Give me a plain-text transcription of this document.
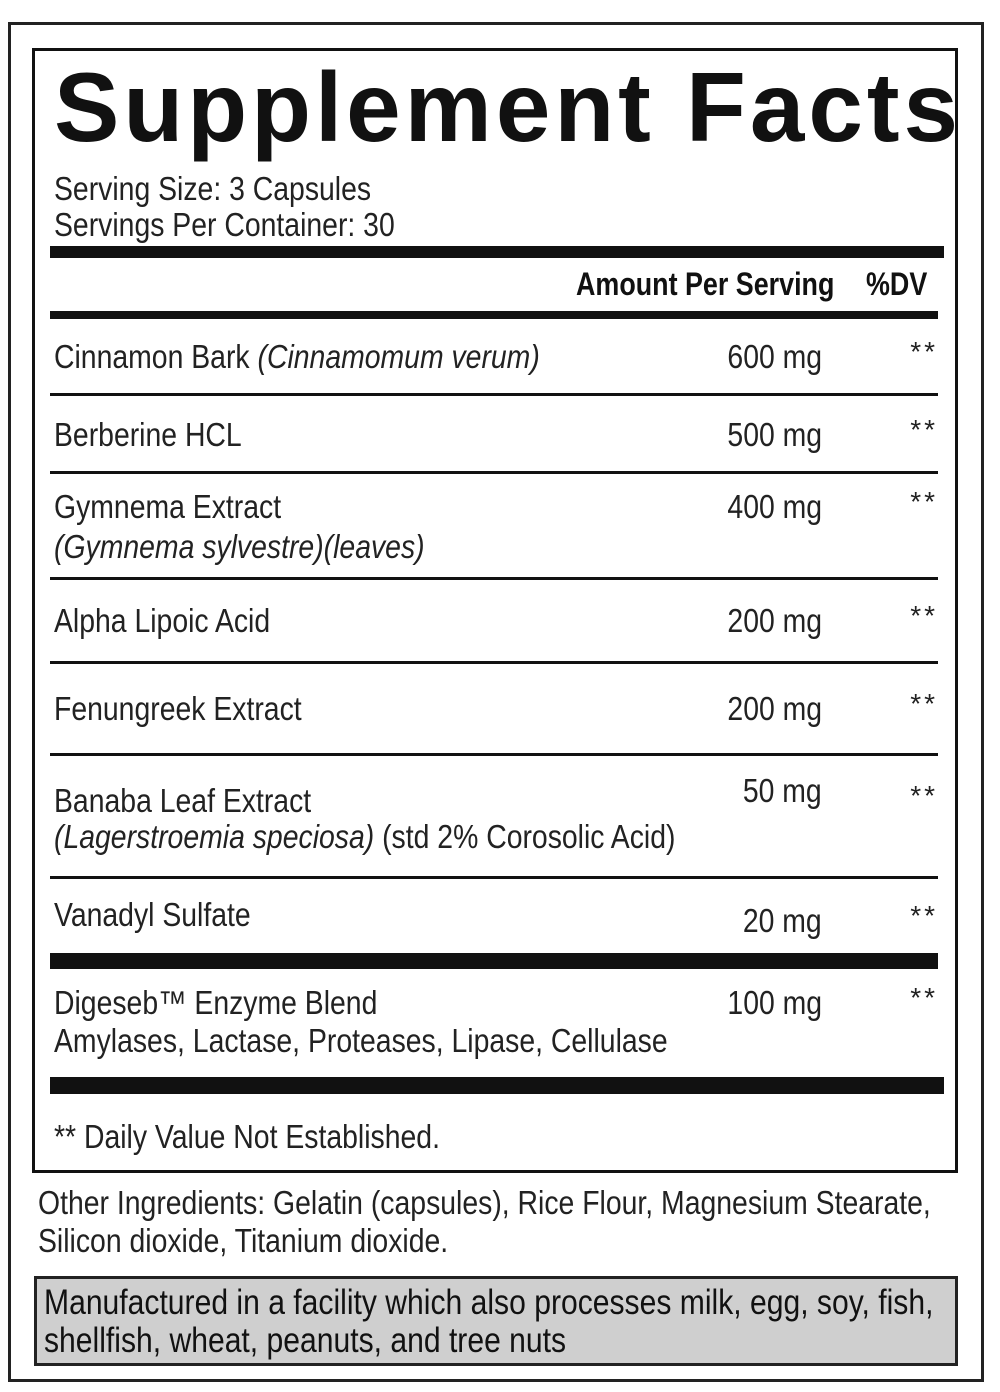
Supplement Facts
Serving Size: 3 Capsules
Servings Per Container: 30
Amount Per Serving %DV
Cinnamon Bark (Cinnamomum verum)	600 mg	**
Berberine HCL	500 mg	**
Gymnema Extract
(Gymnema sylvestre)(leaves)
400 mg	**
Alpha Lipoic Acid	200 mg	**
Fenungreek Extract	200 mg	**
Banaba Leaf Extract
(Lagerstroemia speciosa) (std 2% Corosolic Acid)
50 mg	**
Vanadyl Sulfate	20 mg	**
Digeseb™ Enzyme Blend
Amylases, Lactase, Proteases, Lipase, Cellulase
100 mg	**
** Daily Value Not Established.
Other Ingredients: Gelatin (capsules), Rice Flour, Magnesium Stearate, Silicon dioxide, Titanium dioxide.
Manufactured in a facility which also processes milk, egg, soy, fish, shellfish, wheat, peanuts, and tree nuts
